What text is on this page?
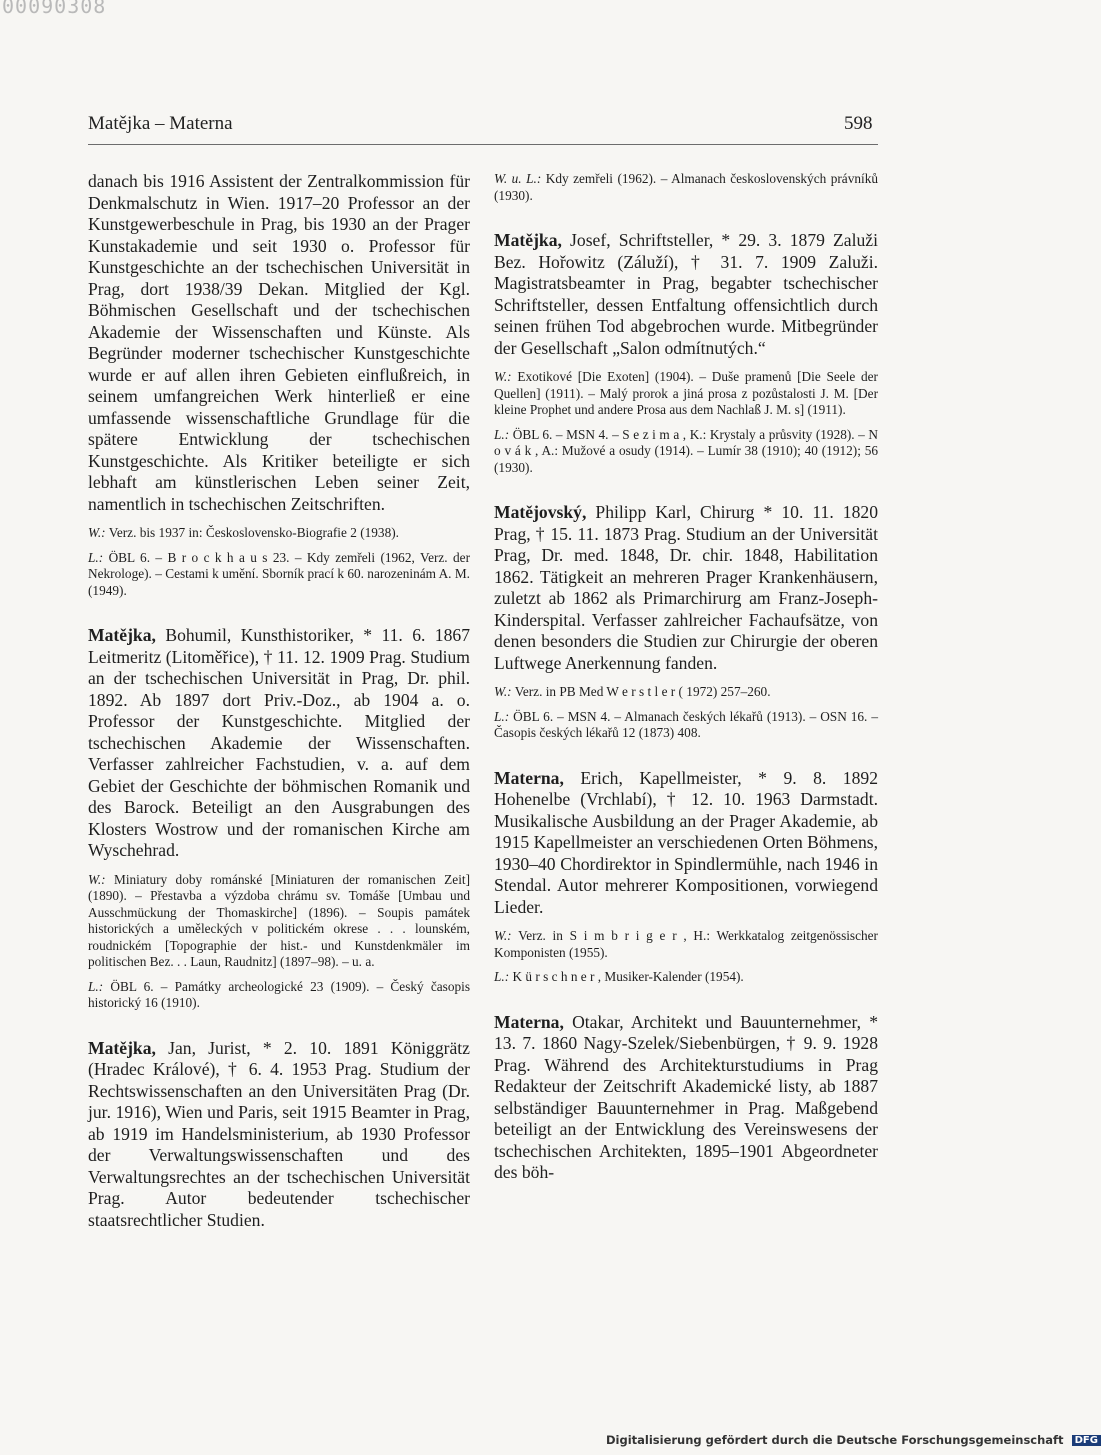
00090308
Matějka – Materna	598

danach bis 1916 Assistent der Zentralkommission für Denkmalschutz in Wien. 1917–20 Professor an der Kunstgewerbeschule in Prag, bis 1930 an der Prager Kunstakademie und seit 1930 o. Professor für Kunstgeschichte an der tschechischen Universität in Prag, dort 1938/39 Dekan. Mitglied der Kgl. Böhmischen Gesellschaft und der tschechischen Akademie der Wissenschaften und Künste. Als Begründer moderner tschechischer Kunstgeschichte wurde er auf allen ihren Gebieten einflußreich, in seinem umfangreichen Werk hinterließ er eine umfassende wissenschaftliche Grundlage für die spätere Entwicklung der tschechischen Kunstgeschichte. Als Kritiker beteiligte er sich lebhaft am künstlerischen Leben seiner Zeit, namentlich in tschechischen Zeitschriften.

W.: Verz. bis 1937 in: Československo-Biografie 2 (1938).

L.: ÖBL 6. – B r o c k h a u s 23. – Kdy zemřeli (1962, Verz. der Nekrologe). – Cestami k umění. Sborník prací k 60. narozeninám A. M. (1949).

Matějka, Bohumil, Kunsthistoriker, * 11. 6. 1867 Leitmeritz (Litoměřice), † 11. 12. 1909 Prag. Studium an der tschechischen Universität in Prag, Dr. phil. 1892. Ab 1897 dort Priv.-Doz., ab 1904 a. o. Professor der Kunstgeschichte. Mitglied der tschechischen Akademie der Wissenschaften. Verfasser zahlreicher Fachstudien, v. a. auf dem Gebiet der Geschichte der böhmischen Romanik und des Barock. Beteiligt an den Ausgrabungen des Klosters Wostrow und der romanischen Kirche am Wyschehrad.

W.: Miniatury doby románské [Miniaturen der romanischen Zeit] (1890). – Přestavba a výzdoba chrámu sv. Tomáše [Umbau und Ausschmückung der Thomaskirche] (1896). – Soupis památek historických a uměleckých v politickém okrese . . . lounském, roudnickém [Topographie der hist.- und Kunstdenkmäler im politischen Bez. . . Laun, Raudnitz] (1897–98). – u. a.

L.: ÖBL 6. – Památky archeologické 23 (1909). – Český časopis historický 16 (1910).

Matějka, Jan, Jurist, * 2. 10. 1891 Königgrätz (Hradec Králové), † 6. 4. 1953 Prag. Studium der Rechtswissenschaften an den Universitäten Prag (Dr. jur. 1916), Wien und Paris, seit 1915 Beamter in Prag, ab 1919 im Handelsministerium, ab 1930 Professor der Verwaltungswissenschaften und des Verwaltungsrechtes an der tschechischen Universität Prag. Autor bedeutender tschechischer staatsrechtlicher Studien.

W. u. L.: Kdy zemřeli (1962). – Almanach československých právníků (1930).

Matějka, Josef, Schriftsteller, * 29. 3. 1879 Zaluži Bez. Hořowitz (Záluží), † 31. 7. 1909 Zaluži. Magistratsbeamter in Prag, begabter tschechischer Schriftsteller, dessen Entfaltung offensichtlich durch seinen frühen Tod abgebrochen wurde. Mitbegründer der Gesellschaft „Salon odmítnutých.“

W.: Exotikové [Die Exoten] (1904). – Duše pramenů [Die Seele der Quellen] (1911). – Malý prorok a jiná prosa z pozůstalosti J. M. [Der kleine Prophet und andere Prosa aus dem Nachlaß J. M. s] (1911).

L.: ÖBL 6. – MSN 4. – S e z i m a , K.: Krystaly a průsvity (1928). – N o v á k , A.: Mužové a osudy (1914). – Lumír 38 (1910); 40 (1912); 56 (1930).

Matějovský, Philipp Karl, Chirurg * 10. 11. 1820 Prag, † 15. 11. 1873 Prag. Studium an der Universität Prag, Dr. med. 1848, Dr. chir. 1848, Habilitation 1862. Tätigkeit an mehreren Prager Krankenhäusern, zuletzt ab 1862 als Primarchirurg am Franz-Joseph-Kinderspital. Verfasser zahlreicher Fachaufsätze, von denen besonders die Studien zur Chirurgie der oberen Luftwege Anerkennung fanden.

W.: Verz. in PB Med W e r s t l e r ( 1972) 257–260.

L.: ÖBL 6. – MSN 4. – Almanach českých lékařů (1913). – OSN 16. – Časopis českých lékařů 12 (1873) 408.

Materna, Erich, Kapellmeister, * 9. 8. 1892 Hohenelbe (Vrchlabí), † 12. 10. 1963 Darmstadt. Musikalische Ausbildung an der Prager Akademie, ab 1915 Kapellmeister an verschiedenen Orten Böhmens, 1930–40 Chordirektor in Spindlermühle, nach 1946 in Stendal. Autor mehrerer Kompositionen, vorwiegend Lieder.

W.: Verz. in S i m b r i g e r , H.: Werkkatalog zeitgenössischer Komponisten (1955).

L.: K ü r s c h n e r , Musiker-Kalender (1954).

Materna, Otakar, Architekt und Bauunternehmer, * 13. 7. 1860 Nagy-Szelek/Siebenbürgen, † 9. 9. 1928 Prag. Während des Architekturstudiums in Prag Redakteur der Zeitschrift Akademické listy, ab 1887 selbständiger Bauunternehmer in Prag. Maßgebend beteiligt an der Entwicklung des Vereinswesens der tschechischen Architekten, 1895–1901 Abgeordneter des böh-

Digitalisierung gefördert durch die Deutsche Forschungsgemeinschaft DFG
